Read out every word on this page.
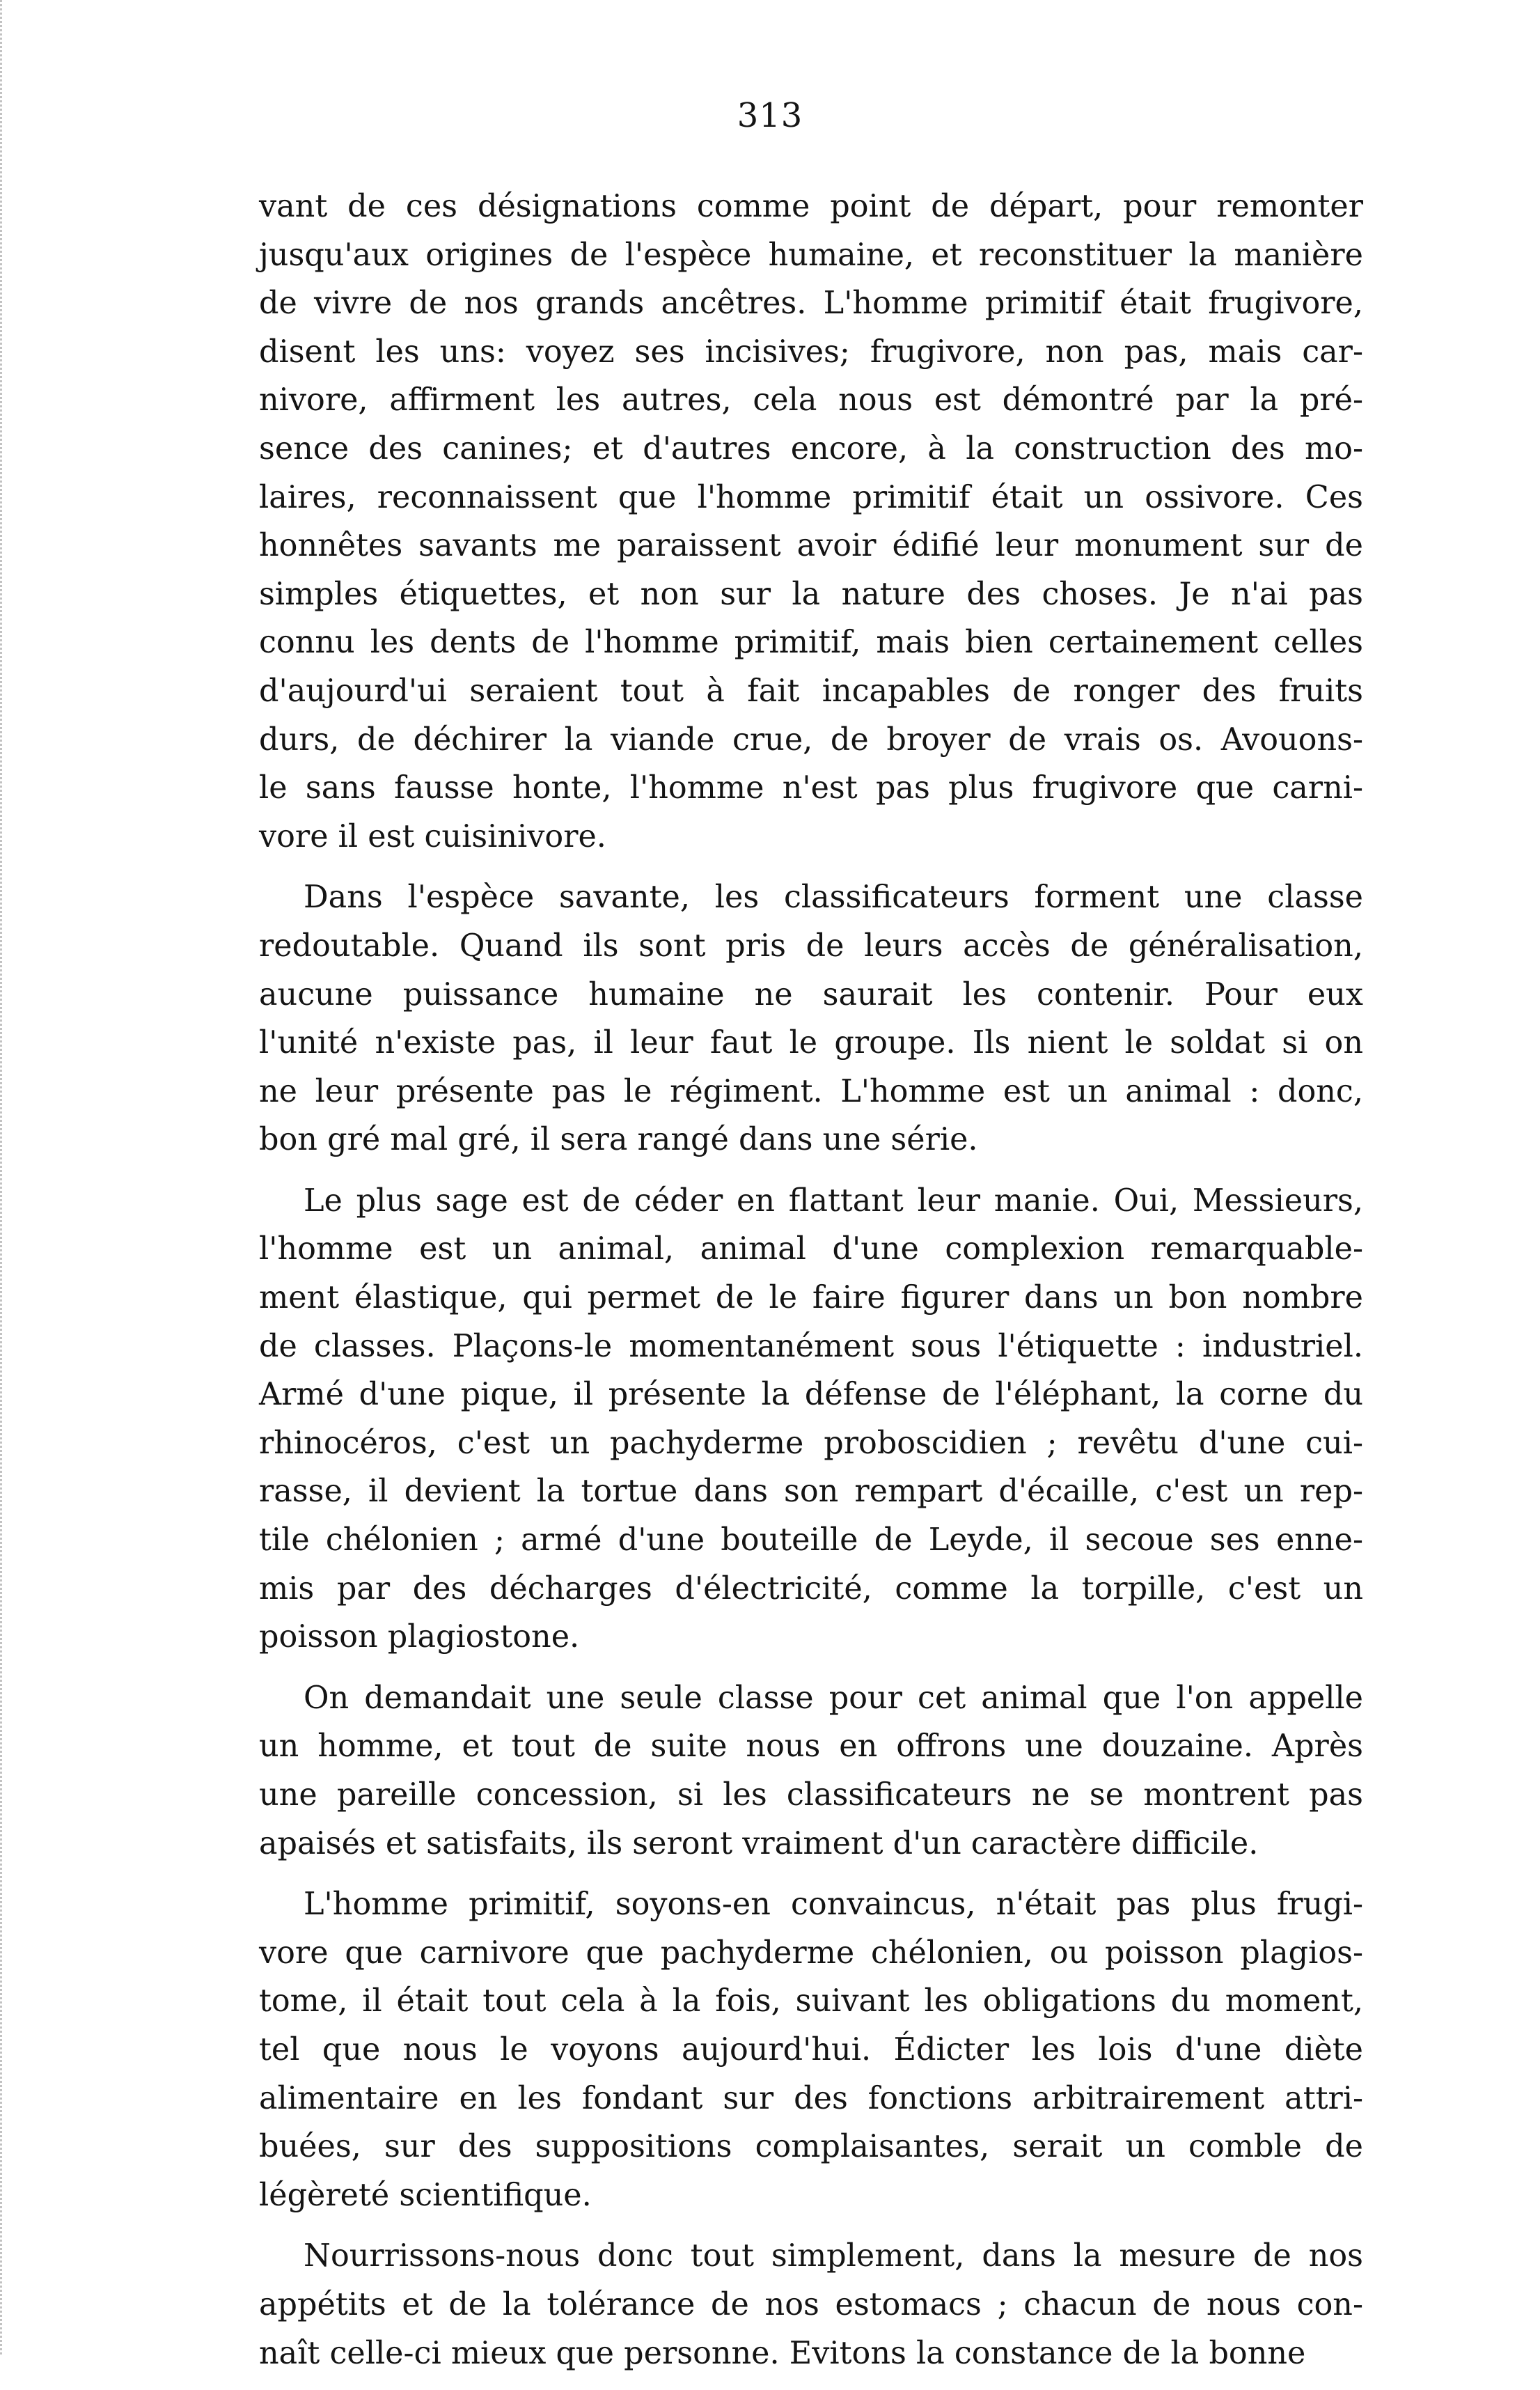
313

vant de ces désignations comme point de départ, pour remonter
jusqu'aux origines de l'espèce humaine, et reconstituer la manière
de vivre de nos grands ancêtres. L'homme primitif était frugivore,
disent les uns: voyez ses incisives; frugivore, non pas, mais car-
nivore, affirment les autres, cela nous est démontré par la pré-
sence des canines; et d'autres encore, à la construction des mo-
laires, reconnaissent que l'homme primitif était un ossivore. Ces
honnêtes savants me paraissent avoir édifié leur monument sur de
simples étiquettes, et non sur la nature des choses. Je n'ai pas
connu les dents de l'homme primitif, mais bien certainement celles
d'aujourd'ui seraient tout à fait incapables de ronger des fruits
durs, de déchirer la viande crue, de broyer de vrais os. Avouons-
le sans fausse honte, l'homme n'est pas plus frugivore que carni-
vore il est cuisinivore.

Dans l'espèce savante, les classificateurs forment une classe
redoutable. Quand ils sont pris de leurs accès de généralisation,
aucune puissance humaine ne saurait les contenir. Pour eux
l'unité n'existe pas, il leur faut le groupe. Ils nient le soldat si on
ne leur présente pas le régiment. L'homme est un animal : donc,
bon gré mal gré, il sera rangé dans une série.

Le plus sage est de céder en flattant leur manie. Oui, Messieurs,
l'homme est un animal, animal d'une complexion remarquable-
ment élastique, qui permet de le faire figurer dans un bon nombre
de classes. Plaçons-le momentanément sous l'étiquette : industriel.
Armé d'une pique, il présente la défense de l'éléphant, la corne du
rhinocéros, c'est un pachyderme proboscidien ; revêtu d'une cui-
rasse, il devient la tortue dans son rempart d'écaille, c'est un rep-
tile chélonien ; armé d'une bouteille de Leyde, il secoue ses enne-
mis par des décharges d'électricité, comme la torpille, c'est un
poisson plagiostone.

On demandait une seule classe pour cet animal que l'on appelle
un homme, et tout de suite nous en offrons une douzaine. Après
une pareille concession, si les classificateurs ne se montrent pas
apaisés et satisfaits, ils seront vraiment d'un caractère difficile.

L'homme primitif, soyons-en convaincus, n'était pas plus frugi-
vore que carnivore que pachyderme chélonien, ou poisson plagios-
tome, il était tout cela à la fois, suivant les obligations du moment,
tel que nous le voyons aujourd'hui. Édicter les lois d'une diète
alimentaire en les fondant sur des fonctions arbitrairement attri-
buées, sur des suppositions complaisantes, serait un comble de
légèreté scientifique.

Nourrissons-nous donc tout simplement, dans la mesure de nos
appétits et de la tolérance de nos estomacs ; chacun de nous con-
naît celle-ci mieux que personne. Evitons la constance de la bonne
